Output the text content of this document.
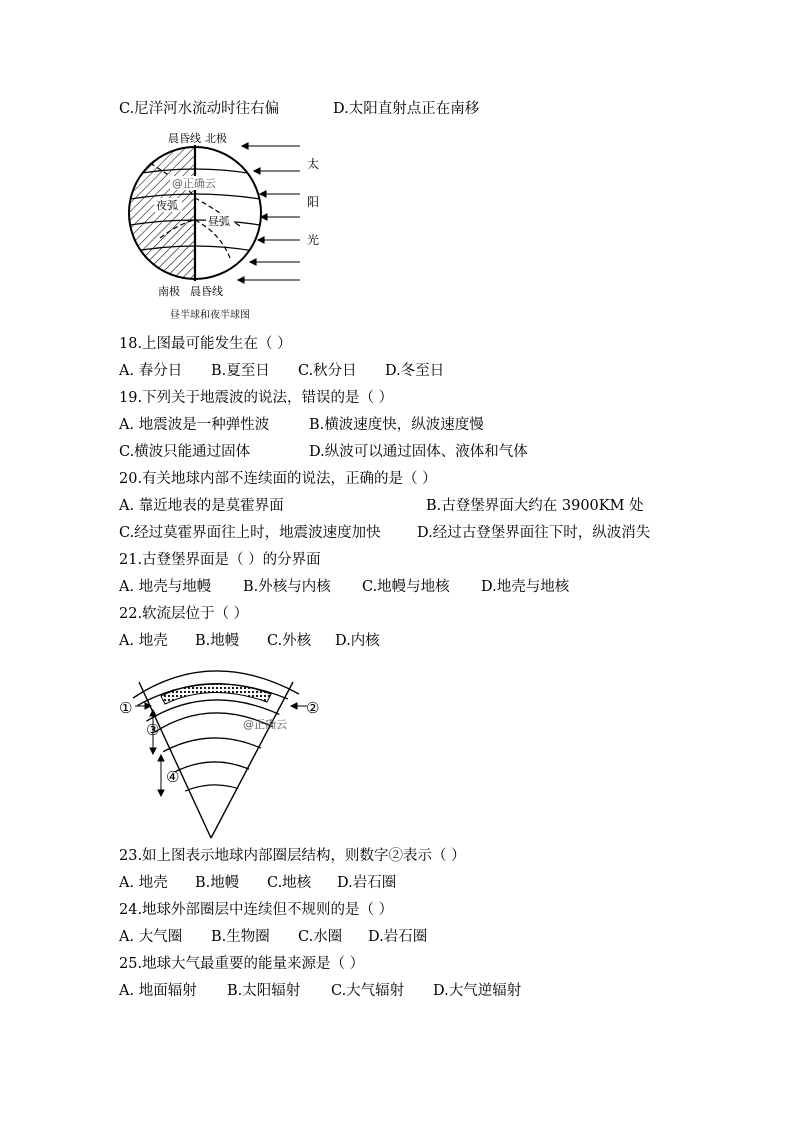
C.尼洋河水流动时往右偏	D.太阳直射点正在南移
晨昏线 北极
@正确云
夜弧
昼弧
太
阳
光
南极 晨昏线
昼半球和夜半球图
18.上图最可能发生在（ ）
A. 春分日 B.夏至日 C.秋分日 D.冬至日
19.下列关于地震波的说法，错误的是（ ）
A. 地震波是一种弹性波	B.横波速度快，纵波速度慢
C.横波只能通过固体	D.纵波可以通过固体、液体和气体
20.有关地球内部不连续面的说法，正确的是（ ）
A. 靠近地表的是莫霍界面	B.古登堡界面大约在 3900KM 处
C.经过莫霍界面往上时，地震波速度加快	D.经过古登堡界面往下时，纵波消失
21.古登堡界面是（ ）的分界面
A. 地壳与地幔 B.外核与内核 C.地幔与地核 D.地壳与地核
22.软流层位于（ ）
A. 地壳 B.地幔 C.外核 D.内核
①	②
③
④
@正确云
23.如上图表示地球内部圈层结构，则数字②表示（ ）
A. 地壳 B.地幔 C.地核 D.岩石圈
24.地球外部圈层中连续但不规则的是（ ）
A. 大气圈 B.生物圈 C.水圈 D.岩石圈
25.地球大气最重要的能量来源是（ ）
A. 地面辐射 B.太阳辐射 C.大气辐射 D.大气逆辐射
